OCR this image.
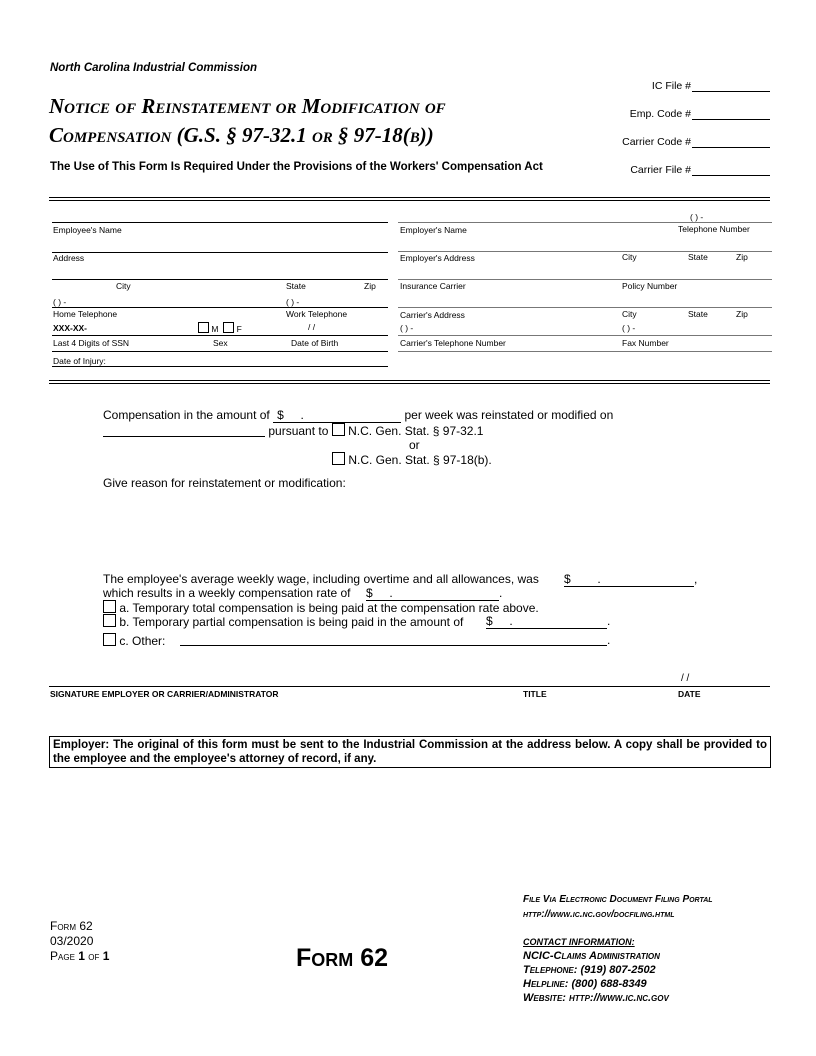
North Carolina Industrial Commission
Notice of Reinstatement or Modification of
Compensation (G.S. § 97-32.1 or § 97-18(b))
The Use of This Form Is Required Under the Provisions of the Workers' Compensation Act
IC File #
Emp. Code #
Carrier Code #
Carrier File #
Employee's Name
Address
City	State	Zip
( ) -	( ) -
Home Telephone	Work Telephone
XXX-XX-	M F	/ /
Last 4 Digits of SSN	Sex	Date of Birth
Date of Injury:
( ) -
Employer's Name	Telephone Number
Employer's Address	City	State	Zip
Insurance Carrier	Policy Number
Carrier's Address	City	State	Zip
( ) -	( ) -
Carrier's Telephone Number	Fax Number
Compensation in the amount of $ .	per week was reinstated or modified on
pursuant to N.C. Gen. Stat. § 97-32.1
or
N.C. Gen. Stat. § 97-18(b).
Give reason for reinstatement or modification:
The employee's average weekly wage, including overtime and all allowances, was $ .	,
which results in a weekly compensation rate of $ .	.
a. Temporary total compensation is being paid at the compensation rate above.
b. Temporary partial compensation is being paid in the amount of $ .	.
c. Other:	.
/ /
SIGNATURE EMPLOYER OR CARRIER/ADMINISTRATOR	TITLE	DATE
Employer: The original of this form must be sent to the Industrial Commission at the address below. A copy shall be provided to the employee and the employee's attorney of record, if any.
Form 62
03/2020
Page 1 of 1	Form 62
File Via Electronic Document Filing Portal
http://www.ic.nc.gov/docfiling.html
CONTACT INFORMATION:
NCIC-Claims Administration
Telephone: (919) 807-2502
Helpline: (800) 688-8349
Website: http://www.ic.nc.gov
